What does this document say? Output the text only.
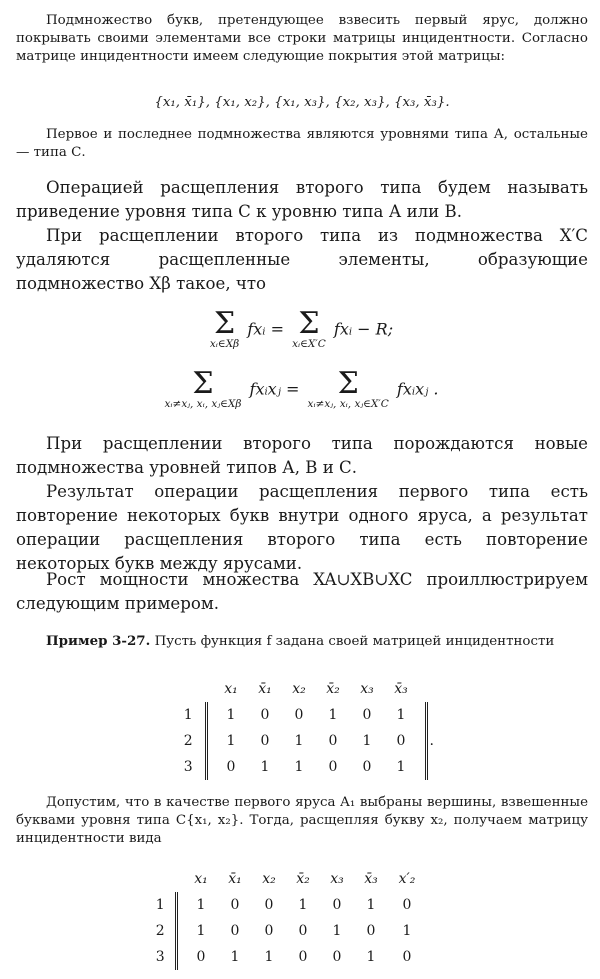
Подмножество букв, претендующее взвесить первый ярус, должно покрывать своими элементами все строки матрицы инцидентности. Согласно матрице инцидентности имеем следующие покрытия этой матрицы:

{x₁, x̄₁}, {x₁, x₂}, {x₁, x₃}, {x₂, x₃}, {x₃, x̄₃}.

Первое и последнее подмножества являются уровнями типа А, остальные — типа С.

Операцией расщепления второго типа будем называть приведение уровня типа С к уровню типа А или В.

При расщеплении второго типа из подмножества X′C удаляются расщепленные элементы, образующие подмножество Xβ такое, что

Σ
xᵢ∈Xβ
fxᵢ = Σ
xᵢ∈X′C
fxᵢ − R;
Σ
xᵢ≠xⱼ, xᵢ, xⱼ∈Xβ
fxᵢxⱼ =	Σ
xᵢ≠xⱼ, xᵢ, xⱼ∈X′C
fxᵢxⱼ .

При расщеплении второго типа порождаются новые подмножества уровней типов А, В и С.

Результат операции расщепления первого типа есть повторение некоторых букв внутри одного яруса, а результат операции расщепления второго типа есть повторение некоторых букв между ярусами.

Рост мощности множества XA∪XB∪XC проиллюстрируем следующим примером.

Пример 3-27. Пусть функция f задана своей матрицей инцидентности

		x₁	x̄₁	x₂	x̄₂	x₃	x̄₃		
1		1	0	0	1	0	1		
2		1	0	1	0	1	0		.
3		0	1	1	0	0	1		

Допустим, что в качестве первого яруса A₁ выбраны вершины, взвешенные буквами уровня типа C{x₁, x₂}. Тогда, расщепляя букву x₂, получаем матрицу инцидентности вида

		x₁	x̄₁	x₂	x̄₂	x₃	x̄₃	x′₂
1		1	0	0	1	0	1	0
2		1	0	0	0	1	0	1
3		0	1	1	0	0	1	0
